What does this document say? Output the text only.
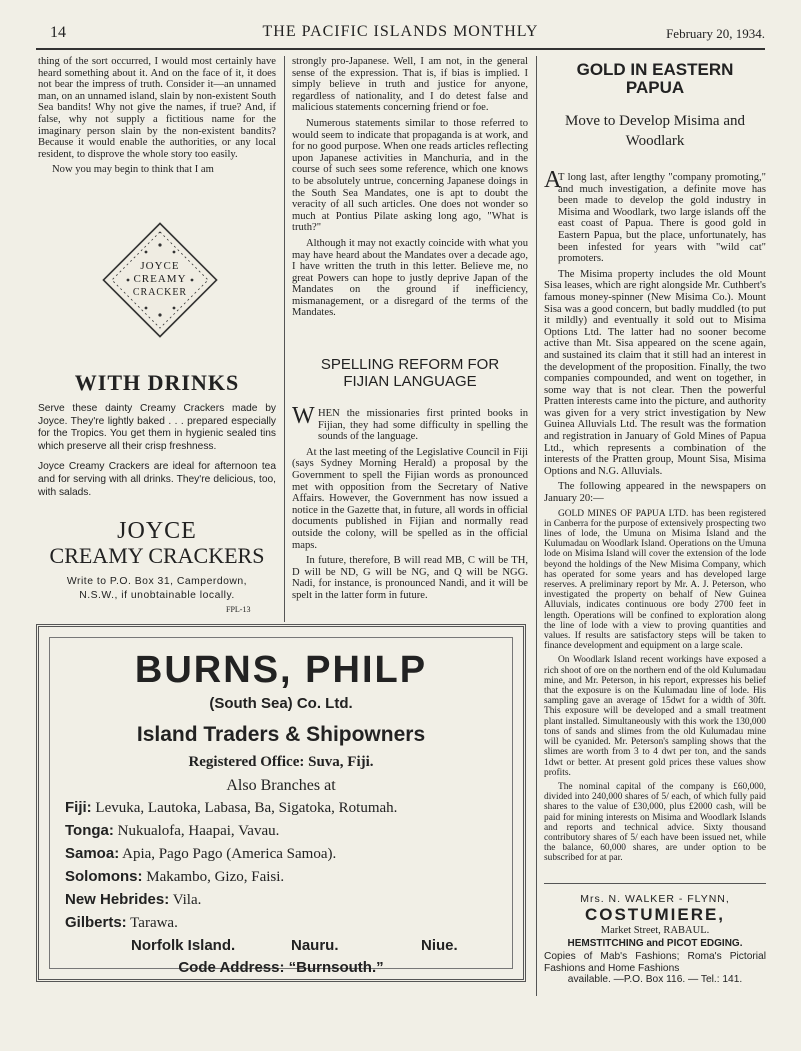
14	THE PACIFIC ISLANDS MONTHLY	February 20, 1934.

thing of the sort occurred, I would most certainly have heard something about it. And on the face of it, it does not bear the impress of truth. Consider it—an unnamed man, on an unnamed island, slain by non-existent South Sea bandits! Why not give the names, if true? And, if false, why not supply a fictitious name for the imaginary person slain by the non-existent bandits? Because it would enable the authorities, or any local resident, to disprove the whole story too easily.

Now you may begin to think that I am

JOYCE
CREAMY
CRACKER
WITH DRINKS

Serve these dainty Creamy Crackers made by Joyce. They're lightly baked . . . prepared especially for the Tropics. You get them in hygienic sealed tins which preserve all their crisp freshness.

Joyce Creamy Crackers are ideal for afternoon tea and for serving with all drinks. They're delicious, too, with salads.

JOYCE
CREAMY CRACKERS
Write to P.O. Box 31, Camperdown,
N.S.W., if unobtainable locally.
FPL-13

strongly pro-Japanese. Well, I am not, in the general sense of the expression. That is, if bias is implied. I simply believe in truth and justice for anyone, regardless of nationality, and I do detest false and malicious statements concerning friend or foe.

Numerous statements similar to those referred to would seem to indicate that propaganda is at work, and for no good purpose. When one reads articles reflecting upon Japanese activities in Manchuria, and in the course of such sees some reference, which one knows to be absolutely untrue, concerning Japanese doings in the South Sea Mandates, one is apt to doubt the veracity of all such articles. One does not wonder so much at Pontius Pilate asking long ago, "What is truth?"

Although it may not exactly coincide with what you may have heard about the Mandates over a decade ago, I have written the truth in this letter. Believe me, no great Powers can hope to justly deprive Japan of the Mandates on the ground if inefficiency, mismanagement, or a disregard of the terms of the Mandates.

SPELLING REFORM FOR
FIJIAN LANGUAGE
W HEN the missionaries first printed books in Fijian, they had some difficulty in spelling the sounds of the language.

At the last meeting of the Legislative Council in Fiji (says Sydney Morning Herald) a proposal by the Government to spell the Fijian words as pronounced met with opposition from the Secretary of Native Affairs. However, the Government has now issued a notice in the Gazette that, in future, all words in official documents published in Fijian and normally read outside the colony, will be spelled as in the official maps.

In future, therefore, B will read MB, C will be TH, D will be ND, G will be NG, and Q will be NGG. Nadi, for instance, is pronounced Nandi, and it will be spelt in the latter form in future.

GOLD IN EASTERN
PAPUA
Move to Develop Misima and
Woodlark
A

T long last, after lengthy "company promoting," and much investigation, a definite move has been made to develop the gold industry in Misima and Woodlark, two large islands off the east coast of Papua. There is good gold in Eastern Papua, but the place, unfortunately, has been infested for years with "wild cat" promoters.

The Misima property includes the old Mount Sisa leases, which are right alongside Mr. Cuthbert's famous money-spinner (New Misima Co.). Mount Sisa was a good concern, but badly muddled (to put it mildly) and eventually it sold out to Misima Options Ltd. The latter had no sooner become active than Mt. Sisa appeared on the scene again, and sustained its claim that it still had an interest in the development of the proposition. Finally, the two companies compounded, and went on together, in some way that is not clear. Then the powerful Pratten interests came into the picture, and authority was given for a very strict investigation by New Guinea Alluvials Ltd. The result was the formation and registration in January of Gold Mines of Papua Ltd., which represents a combination of the interests of the Pratten group, Mount Sisa, Misima Options and N.G. Alluvials.

The following appeared in the newspapers on January 20:—

GOLD MINES OF PAPUA LTD. has been registered in Canberra for the purpose of extensively prospecting two lines of lode, the Umuna on Misima Island and the Kulumadau on Woodlark Island. Operations on the Umuna lode on Misima Island will cover the extension of the lode beyond the holdings of the New Misima Company, which has operated for some years and has developed large reserves. A preliminary report by Mr. A. J. Peterson, who investigated the property on behalf of New Guinea Alluvials, indicates continuous ore body 2700 feet in length. Operations will be confined to exploration along the line of lode with a view to proving quantities and values. If results are satisfactory steps will be taken to finance development and equipment on a large scale.

On Woodlark Island recent workings have exposed a rich shoot of ore on the northern end of the old Kulumadau mine, and Mr. Peterson, in his report, expresses his belief that the exposure is on the Kulumadau line of lode. His sampling gave an average of 15dwt for a width of 30ft. This exposure will be developed and a small treatment plant installed. Simultaneously with this work the 130,000 tons of sands and slimes from the old Kulumadau mine will be cyanided. Mr. Peterson's sampling shows that the slimes are worth from 3 to 4 dwt per ton, and the sands 1dwt or better. At present gold prices these values show profits.

The nominal capital of the company is £60,000, divided into 240,000 shares of 5/ each, of which fully paid shares to the value of £30,000, plus £2000 cash, will be paid for mining interests on Misima and Woodlark Islands and reports and technical advice. Sixty thousand contributory shares of 5/ each have been issued net, while the balance, 60,000 shares, are under option to be subscribed for at par.

Mrs. N. WALKER - FLYNN,
COSTUMIERE,
Market Street, RABAUL.
HEMSTITCHING and PICOT EDGING.
Copies of Mab's Fashions; Roma's Pictorial Fashions and Home Fashions
available. —P.O. Box 116. — Tel.: 141.
BURNS, PHILP
(South Sea) Co. Ltd.
Island Traders & Shipowners
Registered Office: Suva, Fiji.
Also Branches at
Fiji: Levuka, Lautoka, Labasa, Ba, Sigatoka, Rotumah.
Tonga: Nukualofa, Haapai, Vavau.
Samoa: Apia, Pago Pago (America Samoa).
Solomons: Makambo, Gizo, Faisi.
New Hebrides: Vila.
Gilberts: Tarawa.
Norfolk Island.	Nauru.	Niue.
Code Address: “Burnsouth.”
